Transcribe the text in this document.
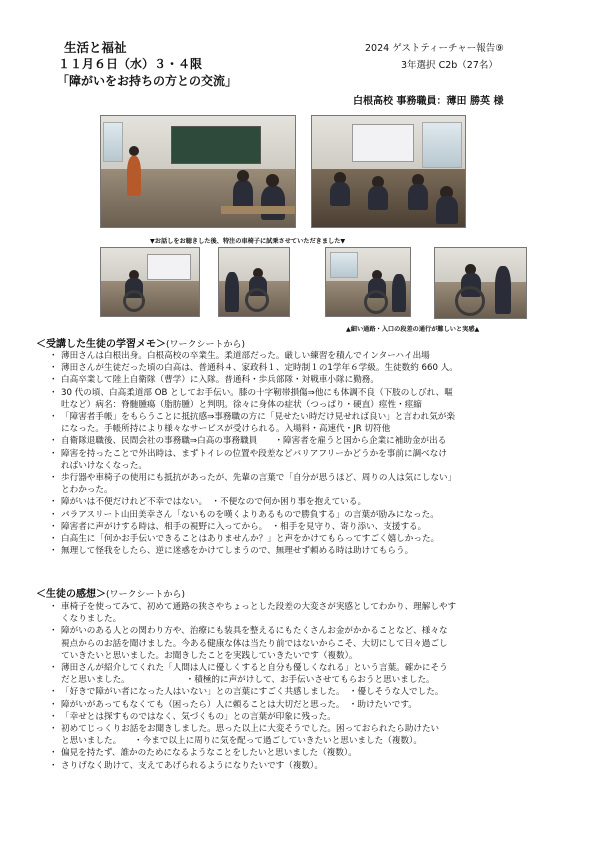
生活と福祉
１１月６日（水）３・４限
「障がいをお持ちの方との交流」
2024 ゲストティーチャー報告⑨
3年選択 C2b（27名）
白根高校 事務職員：薄田 勝英 様
▼お話しをお聴きした後、特注の車椅子に試乗させていただきました▼
▲細い通路・入口の段差の通行が難しいと実感▲
＜受講した生徒の学習メモ＞(ワークシートから)
・ 薄田さんは白根出身。白根高校の卒業生。柔道部だった。厳しい練習を積んでインターハイ出場
・ 薄田さんが生徒だった頃の白高は、普通科４、家政科１、定時制１の1学年６学級。生徒数約 660 人。
・ 白高卒業して陸上自衛隊（曹学）に入隊。普通科・歩兵部隊・対戦車小隊に勤務。
・ 30 代の頃、白高柔道部 OB としてお手伝い。膝の十字靭帯損傷⇒他にも体調不良（下肢のしびれ、嘔
吐など）病名：脊髄腫瘍（脂肪腫）と判明。徐々に身体の症状（つっぱり・硬直）痙性・痙縮
・ 「障害者手帳」をもらうことに抵抗感⇒事務職の方に「見せたい時だけ見せれば良い」と言われ気が楽
になった。手帳所持により様々なサービスが受けられる。入場料・高速代・JR 切符他
・ 自衛隊退職後、民間会社の事務職⇒白高の事務職員　　・障害者を雇うと国から企業に補助金が出る
・ 障害を持ったことで外出時は、まずトイレの位置や段差などバリアフリーかどうかを事前に調べなけ
ればいけなくなった。
・ 歩行器や車椅子の使用にも抵抗があったが、先輩の言葉で「自分が思うほど、周りの人は気にしない」
とわかった。
・ 障がいは不便だけれど不幸ではない。　・不便なので何か困り事を抱えている。
・ パラアスリート山田美幸さん「ないものを嘆くよりあるもので勝負する」の言葉が励みになった。
・ 障害者に声がけする時は、相手の視野に入ってから。　・相手を見守り、寄り添い、支援する。
・ 白高生に「何かお手伝いできることはありませんか？」と声をかけてもらってすごく嬉しかった。
・ 無理して怪我をしたら、逆に迷惑をかけてしまうので、無理せず頼める時は助けてもらう。
＜生徒の感想＞(ワークシートから)
・ 車椅子を使ってみて、初めて通路の狭さやちょっとした段差の大変さが実感としてわかり、理解しやす
くなりました。
・ 障がいのある人との関わり方や、治療にも装具を整えるにもたくさんお金がかかることなど、様々な
視点からのお話を聞けました。今ある健康な体は当たり前ではないからこそ、大切にして日々過ごし
ていきたいと思いました。お聞きしたことを実践していきたいです（複数）。
・ 薄田さんが紹介してくれた「人間は人に優しくすると自分も優しくなれる」という言葉。確かにそう
だと思いました。　　　　　　　・積極的に声がけして、お手伝いさせてもらおうと思いました。
・ 「好きで障がい者になった人はいない」との言葉にすごく共感しました。　・優しそうな人でした。
・ 障がいがあってもなくても（困ったら）人に頼ることは大切だと思った。　・助けたいです。
・ 「幸せとは探すものではなく、気づくもの」との言葉が印象に残った。
・ 初めてじっくりお話をお聞きしました。思った以上に大変そうでした。困っておられたら助けたい
と思いました。　　・今まで以上に周りに気を配って過ごしていきたいと思いました（複数）。
・ 偏見を持たず、誰かのためになるようなことをしたいと思いました（複数）。
・ さりげなく助けて、支えてあげられるようになりたいです（複数）。
